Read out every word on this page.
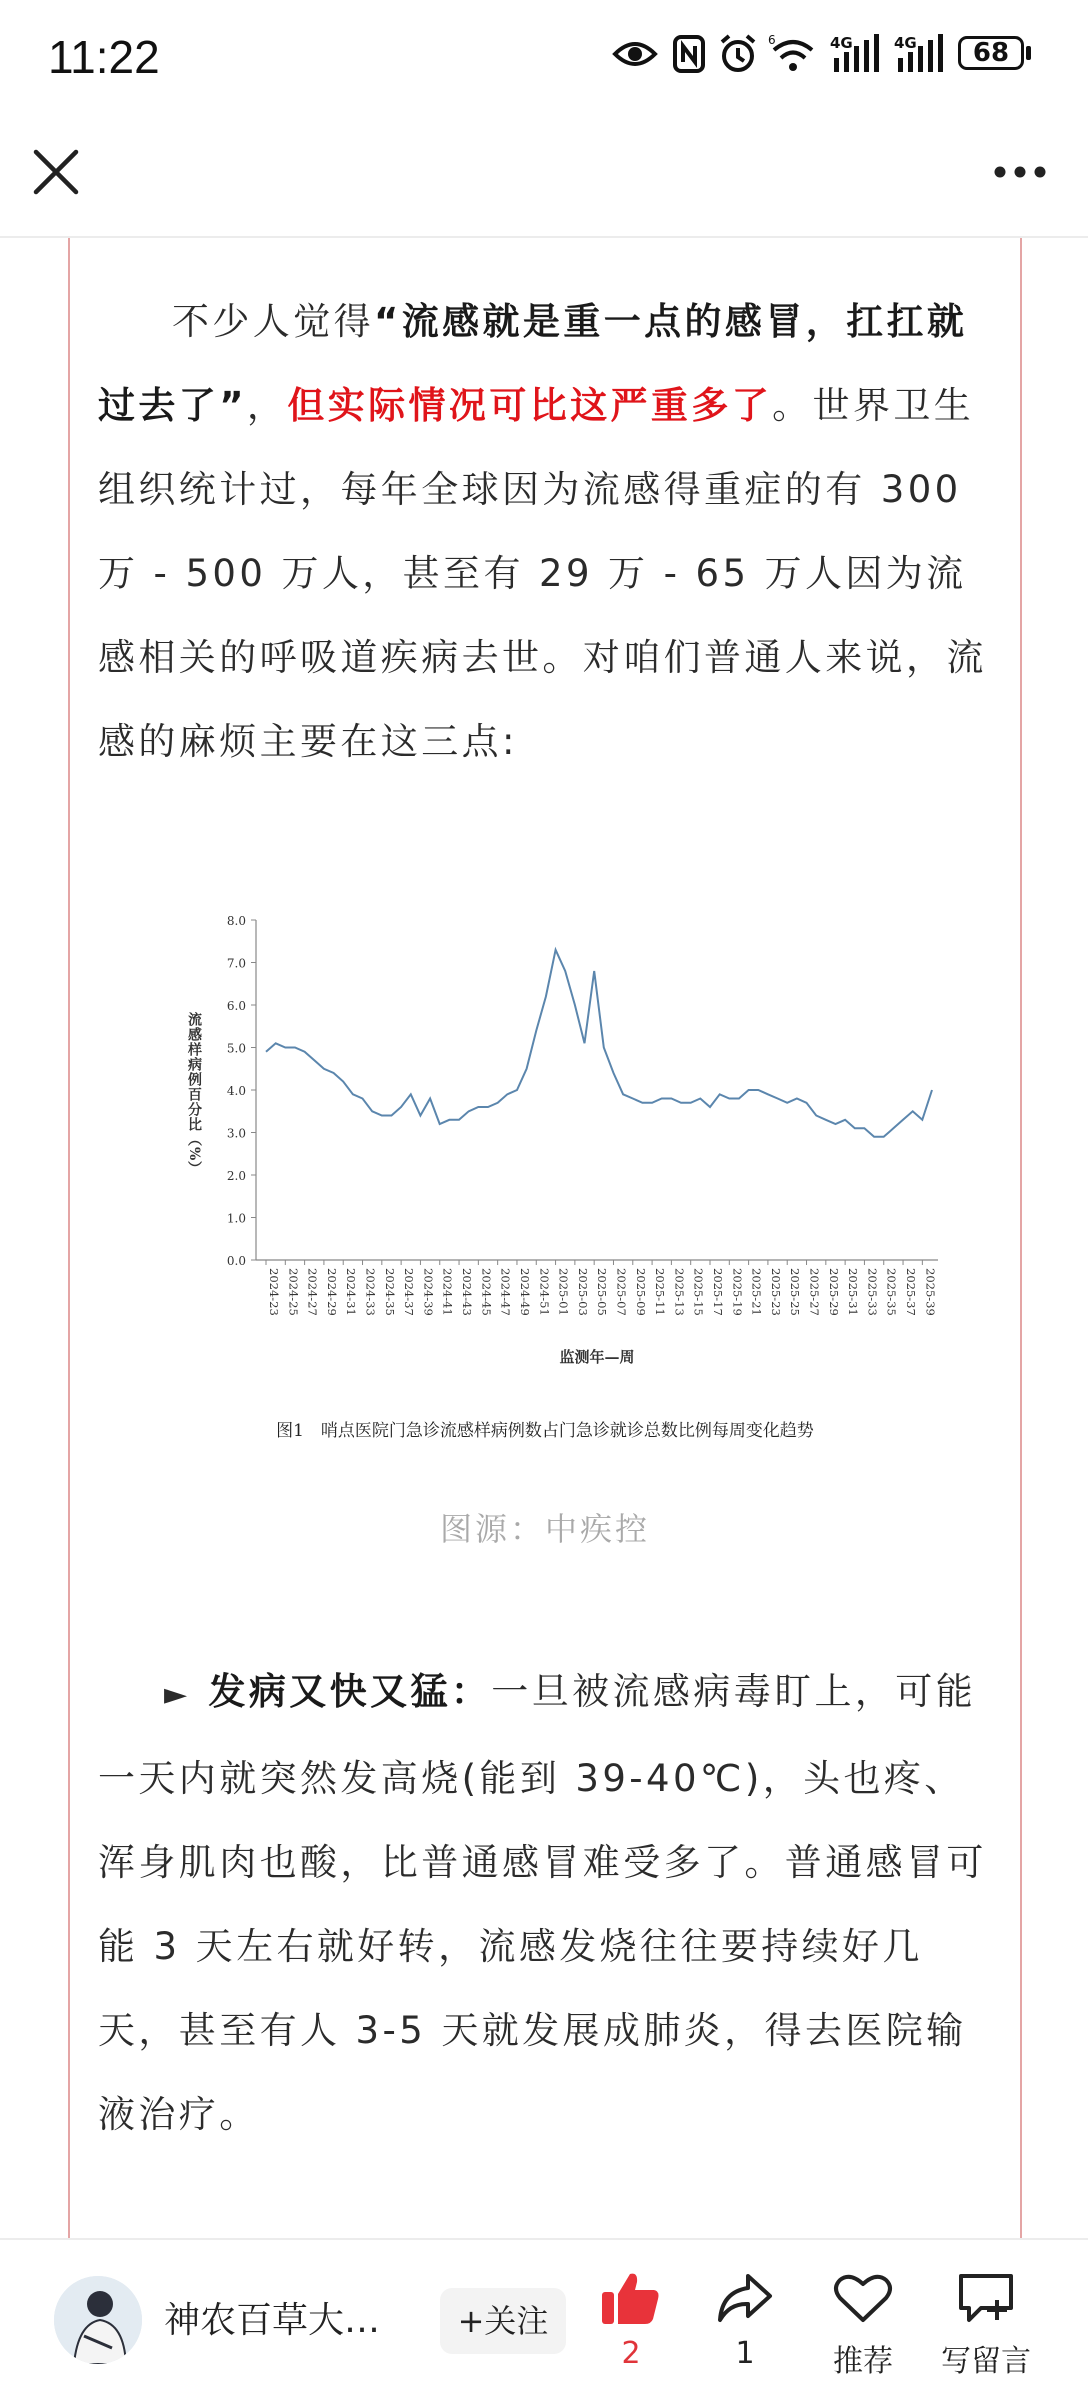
11:22	6	4G	4G	68
不少人觉得“流感就是重一点的感冒，扛扛就过去了”，但实际情况可比这严重多了。世界卫生组织统计过，每年全球因为流感得重症的有 300 万 - 500 万人，甚至有 29 万 - 65 万人因为流感相关的呼吸道疾病去世。对咱们普通人来说，流感的麻烦主要在这三点:
0.0
1.0
2.0
3.0
4.0
5.0
6.0
7.0
8.0
2024-23 2024-25 2024-27 2024-29 2024-31 2024-33 2024-35 2024-37 2024-39 2024-41 2024-43 2024-45 2024-47 2024-49 2024-51 2025-01 2025-03 2025-05 2025-07 2025-09 2025-11 2025-13 2025-15 2025-17 2025-19 2025-21 2025-23 2025-25 2025-27 2025-29 2025-31 2025-33 2025-35 2025-37 2025-39
流感样病例百分比（%）
监测年—周
图1　哨点医院门急诊流感样病例数占门急诊就诊总数比例每周变化趋势
图源：中疾控
► 发病又快又猛：一旦被流感病毒盯上，可能一天内就突然发高烧(能到 39-40℃)，头也疼、浑身肌肉也酸，比普通感冒难受多了。普通感冒可能 3 天左右就好转，流感发烧往往要持续好几天，甚至有人 3-5 天就发展成肺炎，得去医院输液治疗。
神农百草大…	+关注
2	1	推荐	写留言
